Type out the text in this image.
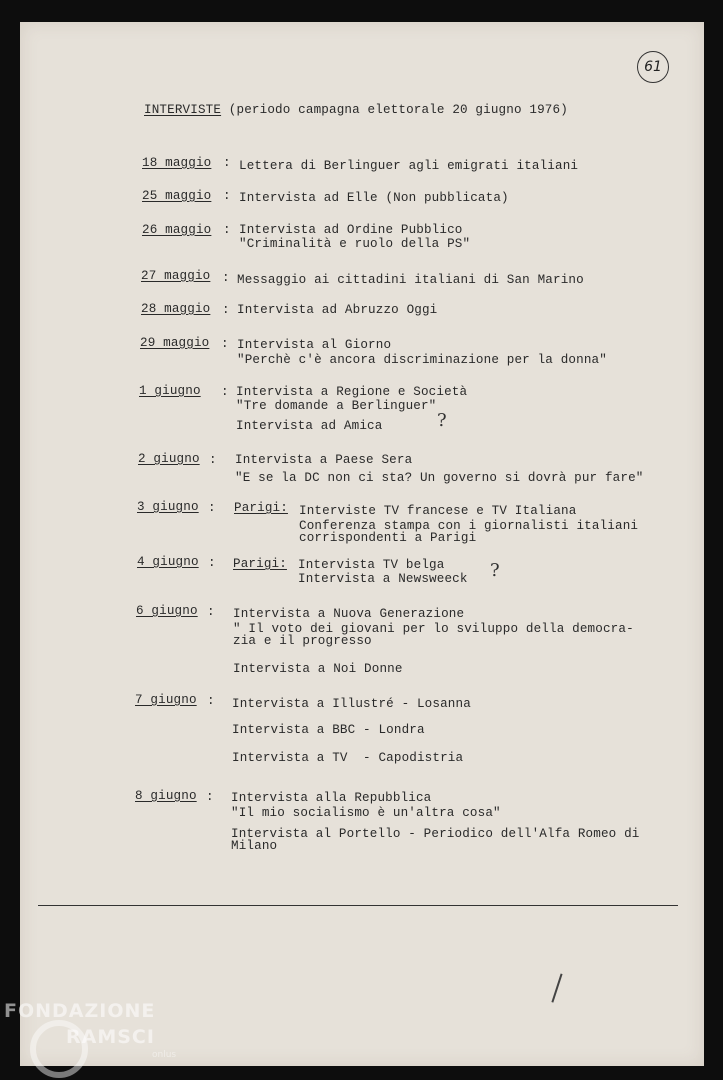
61
INTERVISTE (periodo campagna elettorale 20 giugno 1976)
18 maggio : Lettera di Berlinguer agli emigrati italiani
25 maggio : Intervista ad Elle (Non pubblicata)
26 maggio : Intervista ad Ordine Pubblico
"Criminalità e ruolo della PS"
27 maggio : Messaggio ai cittadini italiani di San Marino
28 maggio : Intervista ad Abruzzo Oggi
29 maggio : Intervista al Giorno
"Perchè c'è ancora discriminazione per la donna"
1 giugno : Intervista a Regione e Società
"Tre domande a Berlinguer"
Intervista ad Amica	?
2 giugno : Intervista a Paese Sera
"E se la DC non ci sta? Un governo si dovrà pur fare"
3 giugno : Parigi: Interviste TV francese e TV Italiana
Conferenza stampa con i giornalisti italiani
corrispondenti a Parigi
4 giugno : Parigi: Intervista TV belga
Intervista a Newsweeck ?
6 giugno : Intervista a Nuova Generazione
" Il voto dei giovani per lo sviluppo della democra-
zia e il progresso
Intervista a Noi Donne
7 giugno : Intervista a Illustré - Losanna
Intervista a BBC - Londra
Intervista a TV  - Capodistria
8 giugno : Intervista alla Repubblica
"Il mio socialismo è un'altra cosa"
Intervista al Portello - Periodico dell'Alfa Romeo di
Milano
FONDAZIONE
RAMSCI
onlus
